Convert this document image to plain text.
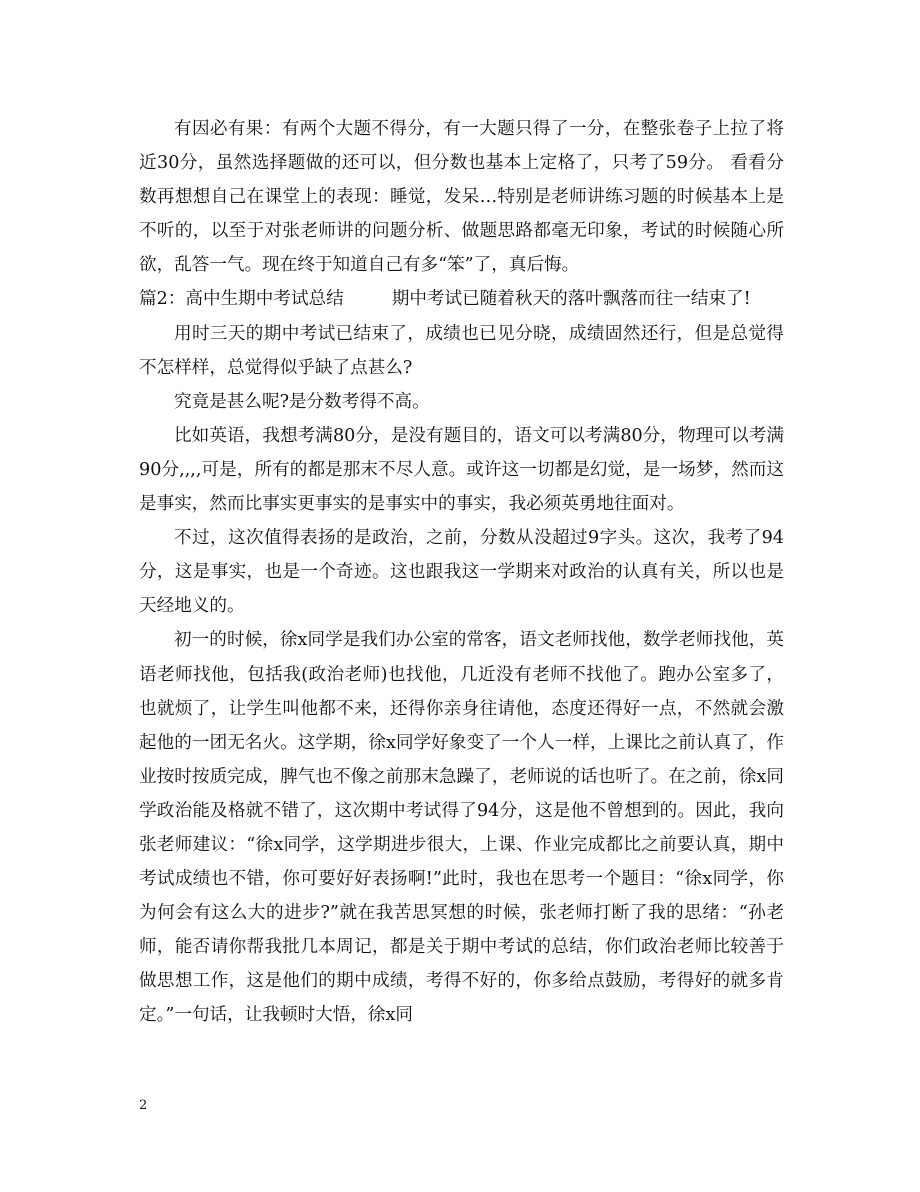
有因必有果：有两个大题不得分，有一大题只得了一分，在整张卷子上拉了将近30分，虽然选择题做的还可以，但分数也基本上定格了，只考了59分。 看看分数再想想自己在课堂上的表现：睡觉，发呆…特别是老师讲练习题的时候基本上是不听的，以至于对张老师讲的问题分析、做题思路都毫无印象，考试的时候随心所欲，乱答一气。现在终于知道自己有多“笨”了，真后悔。

篇2：高中生期中考试总结	期中考试已随着秋天的落叶飘落而往一结束了!

用时三天的期中考试已结束了，成绩也已见分晓，成绩固然还行，但是总觉得不怎样样，总觉得似乎缺了点甚么?

究竟是甚么呢?是分数考得不高。

比如英语，我想考满80分，是没有题目的，语文可以考满80分，物理可以考满90分,,,,可是，所有的都是那末不尽人意。或许这一切都是幻觉，是一场梦，然而这是事实，然而比事实更事实的是事实中的事实，我必须英勇地往面对。

不过，这次值得表扬的是政治，之前，分数从没超过9字头。这次，我考了94分，这是事实，也是一个奇迹。这也跟我这一学期来对政治的认真有关，所以也是天经地义的。

初一的时候，徐x同学是我们办公室的常客，语文老师找他，数学老师找他，英语老师找他，包括我(政治老师)也找他，几近没有老师不找他了。跑办公室多了，也就烦了，让学生叫他都不来，还得你亲身往请他，态度还得好一点，不然就会激起他的一团无名火。这学期，徐x同学好象变了一个人一样，上课比之前认真了，作业按时按质完成，脾气也不像之前那末急躁了，老师说的话也听了。在之前，徐x同学政治能及格就不错了，这次期中考试得了94分，这是他不曾想到的。因此，我向张老师建议：“徐x同学，这学期进步很大，上课、作业完成都比之前要认真，期中考试成绩也不错，你可要好好表扬啊!”此时，我也在思考一个题目：“徐x同学，你为何会有这么大的进步?”就在我苦思冥想的时候，张老师打断了我的思绪：“孙老师，能否请你帮我批几本周记，都是关于期中考试的总结，你们政治老师比较善于做思想工作，这是他们的期中成绩，考得不好的，你多给点鼓励，考得好的就多肯定。”一句话，让我顿时大悟，徐x同

2
